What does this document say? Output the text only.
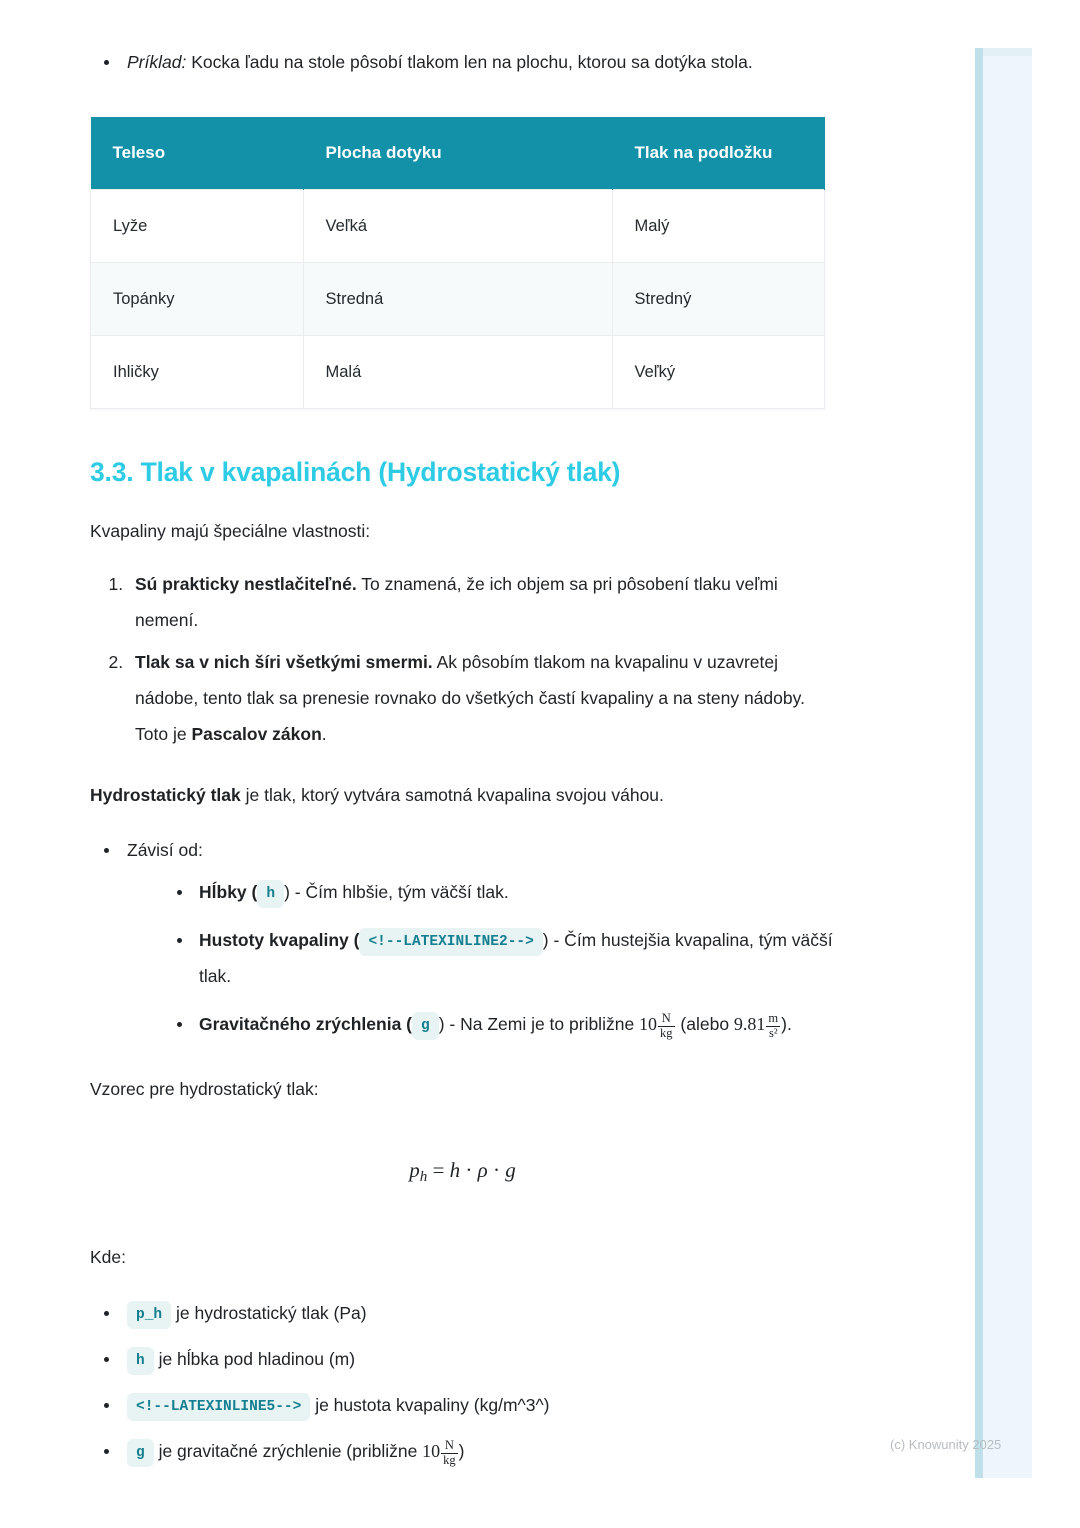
Príklad: Kocka ľadu na stole pôsobí tlakom len na plochu, ktorou sa dotýka stola.
Teleso	Plocha dotyku	Tlak na podložku
Lyže	Veľká	Malý
Topánky	Stredná	Stredný
Ihličky	Malá	Veľký
3.3. Tlak v kvapalinách (Hydrostatický tlak)

Kvapaliny majú špeciálne vlastnosti:

1. Sú prakticky nestlačiteľné. To znamená, že ich objem sa pri pôsobení tlaku veľmi nemení.
2. Tlak sa v nich šíri všetkými smermi. Ak pôsobím tlakom na kvapalinu v uzavretej nádobe, tento tlak sa prenesie rovnako do všetkých častí kvapaliny a na steny nádoby. Toto je Pascalov zákon.

Hydrostatický tlak je tlak, ktorý vytvára samotná kvapalina svojou váhou.

Závisí od:
Hĺbky ( h ) - Čím hlbšie, tým väčší tlak.
Hustoty kvapaliny ( <!--LATEXINLINE2--> ) - Čím hustejšia kvapalina, tým väčší tlak.
Gravitačného zrýchlenia ( g ) - Na Zemi je to približne $10 \frac{N}{kg}$ (alebo $9.81 \frac{m}{\text{s²}}$ ).

Vzorec pre hydrostatický tlak:

$p_h = h \cdot \rho \cdot g$

Kde:

p_h je hydrostatický tlak (Pa)
h je hĺbka pod hladinou (m)
<!--LATEXINLINE5--> je hustota kvapaliny (kg/m^3^)
g je gravitačné zrýchlenie (približne $10 \frac{N}{kg}$ )	(c) Knowunity 2025
